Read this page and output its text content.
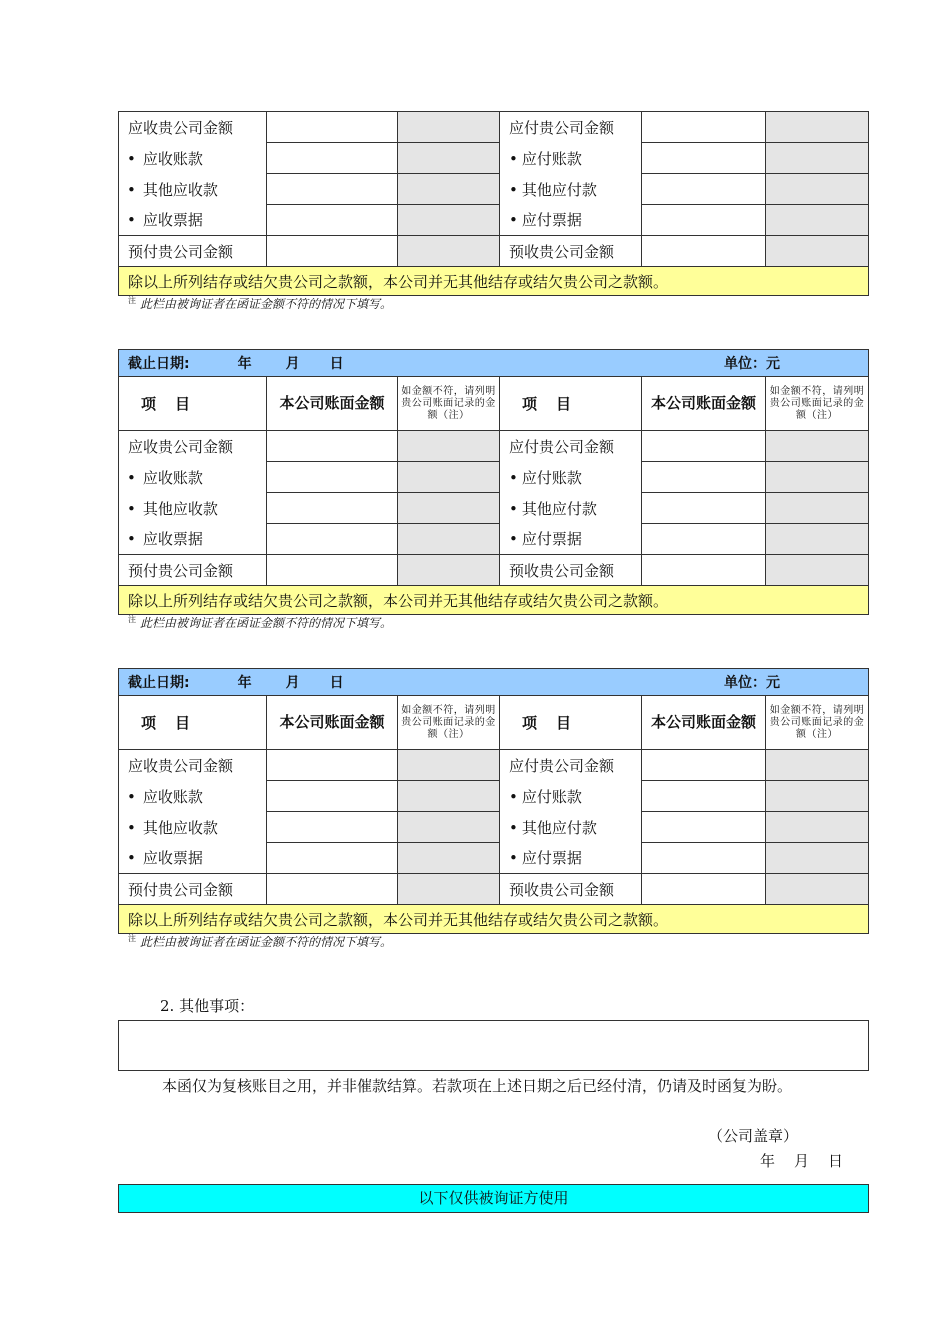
应收贵公司金额			应付贵公司金额		
• 应收账款			• 应付账款		
• 其他应收款			• 其他应付款		
• 应收票据			• 应付票据		
预付贵公司金额			预收贵公司金额		
除以上所列结存或结欠贵公司之款额，本公司并无其他结存或结欠贵公司之款额。					
$^注$ 此栏由被询证者在函证金额不符的情况下填写。
截止日期: 年 月 日 单位：元					

项　目	本公司账面金额	如金额不符，请列明贵公司账面记录的金额（注）	项　目	本公司账面金额	如金额不符，请列明贵公司账面记录的金额（注）
应收贵公司金额			应付贵公司金额		
• 应收账款			• 应付账款		
• 其他应收款			• 其他应付款		
• 应收票据			• 应付票据		
预付贵公司金额			预收贵公司金额		
除以上所列结存或结欠贵公司之款额，本公司并无其他结存或结欠贵公司之款额。					
$^注$ 此栏由被询证者在函证金额不符的情况下填写。
截止日期: 年 月 日 单位：元					

项　目	本公司账面金额	如金额不符，请列明贵公司账面记录的金额（注）	项　目	本公司账面金额	如金额不符，请列明贵公司账面记录的金额（注）
应收贵公司金额			应付贵公司金额		
• 应收账款			• 应付账款		
• 其他应收款			• 其他应付款		
• 应收票据			• 应付票据		
预付贵公司金额			预收贵公司金额		
除以上所列结存或结欠贵公司之款额，本公司并无其他结存或结欠贵公司之款额。					
$^注$ 此栏由被询证者在函证金额不符的情况下填写。
2. 其他事项：
本函仅为复核账目之用，并非催款结算。若款项在上述日期之后已经付清，仍请及时函复为盼。
（公司盖章）
年　月　日
以下仅供被询证方使用
